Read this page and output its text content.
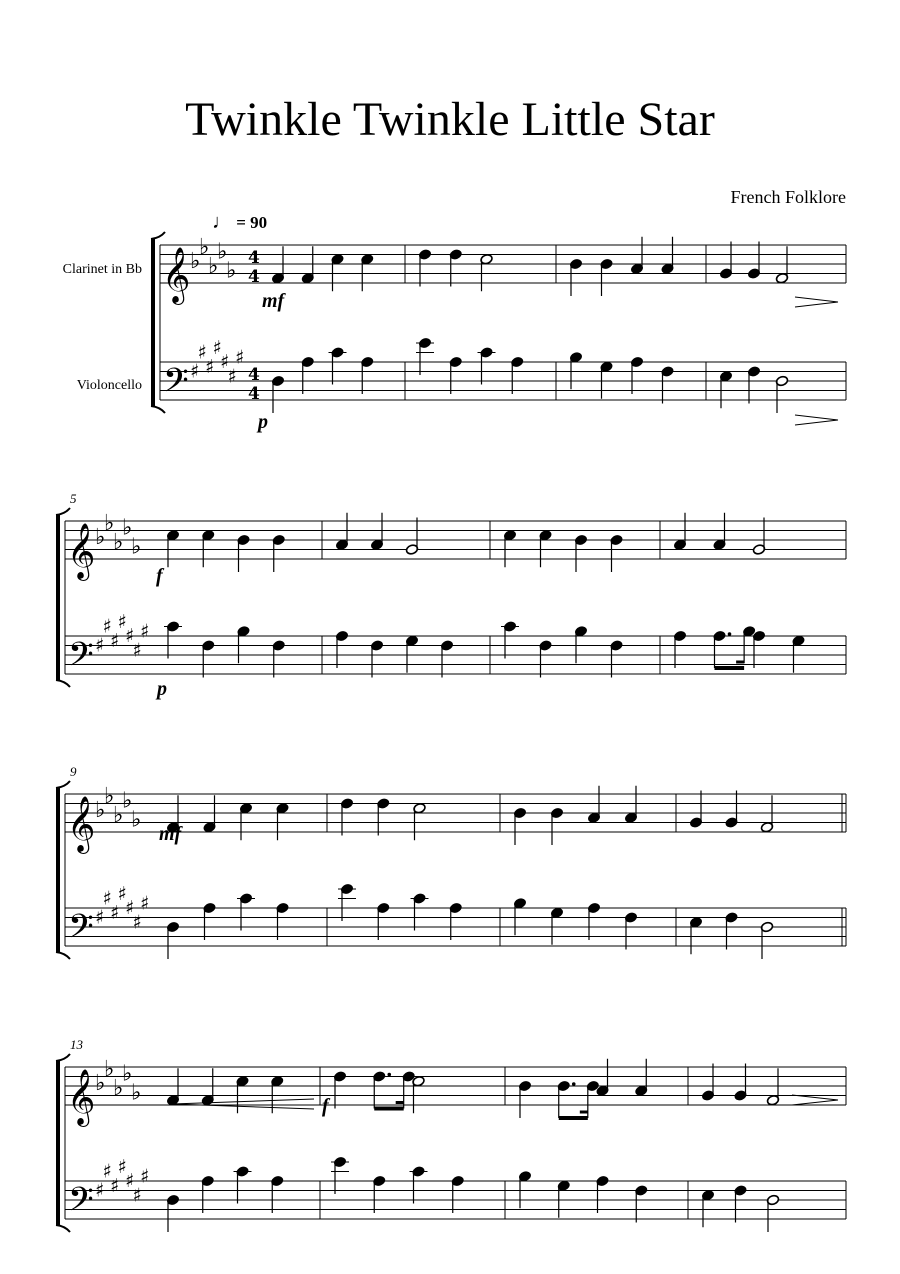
Twinkle Twinkle Little Star
French Folklore
♩ = 90
Clarinet in Bb
Violoncello
𝄞
𝄢
♭
♭
♭
♭
♭
♯
♯
♯
♯
♯
♯
♯
4
4
4
4
𝄞
𝄢
♭
♭
♭
♭
♭
♯
♯
♯
♯
♯
♯
♯
5
𝄞
𝄢
♭
♭
♭
♭
♭
♯
♯
♯
♯
♯
♯
♯
9
𝄞
𝄢
♭
♭
♭
♭
♭
♯
♯
♯
♯
♯
♯
♯
13
mf
p
f
p
mf
f
